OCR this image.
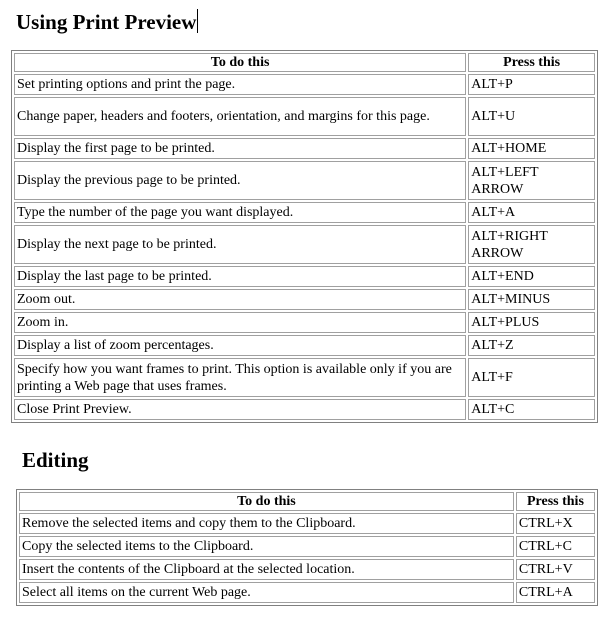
Using Print Preview
To do this	Press this
Set printing options and print the page.	ALT+P
Change paper, headers and footers, orientation, and margins for this page.	ALT+U
Display the first page to be printed.	ALT+HOME
Display the previous page to be printed.	ALT+LEFT ARROW
Type the number of the page you want displayed.	ALT+A
Display the next page to be printed.	ALT+RIGHT ARROW
Display the last page to be printed.	ALT+END
Zoom out.	ALT+MINUS
Zoom in.	ALT+PLUS
Display a list of zoom percentages.	ALT+Z
Specify how you want frames to print. This option is available only if you are printing a Web page that uses frames.	ALT+F
Close Print Preview.	ALT+C
Editing
To do this	Press this
Remove the selected items and copy them to the Clipboard.	CTRL+X
Copy the selected items to the Clipboard.	CTRL+C
Insert the contents of the Clipboard at the selected location.	CTRL+V
Select all items on the current Web page.	CTRL+A
